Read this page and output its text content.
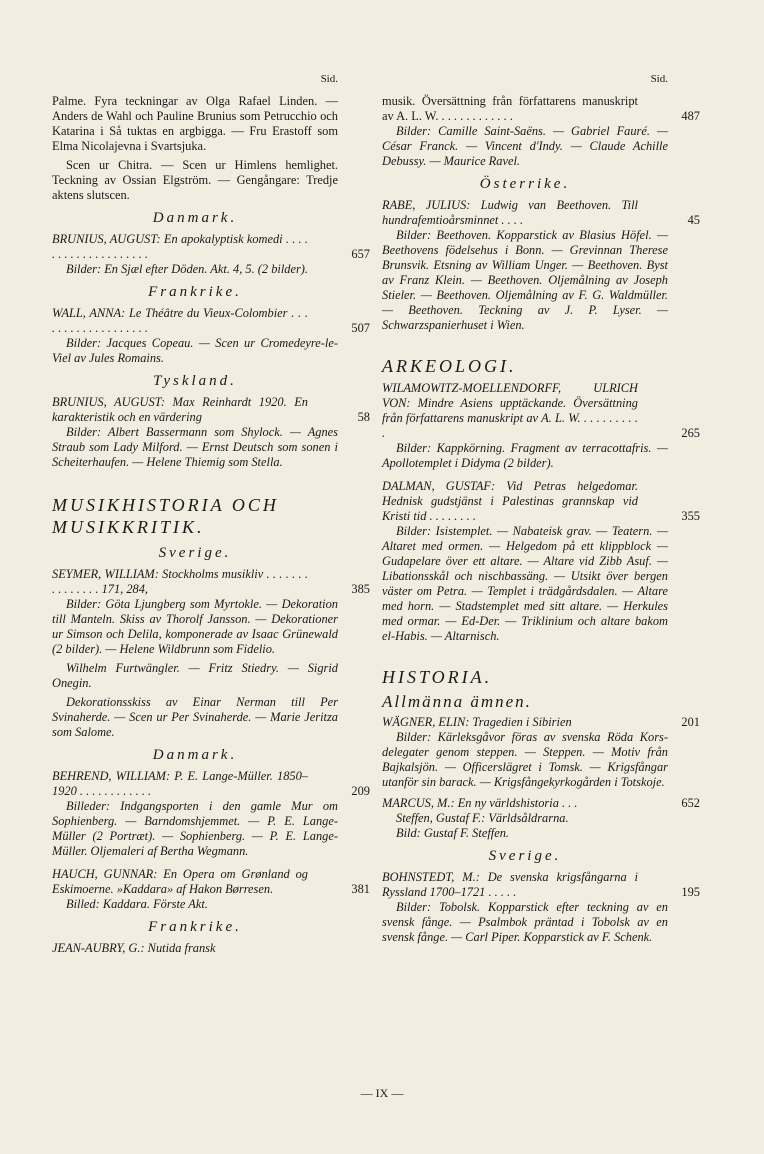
Sid.

Palme. Fyra teckningar av Olga Rafael Linden. — Anders de Wahl och Pauline Brunius som Petrucchio och Katarina i Så tuktas en argbigga. — Fru Erastoff som Elma Nicolajevna i Svartsjuka.

Scen ur Chitra. — Scen ur Himlens hemlighet. Teckning av Ossian Elgström. — Gengångare: Tredje aktens slutscen.

Danmark.
BRUNIUS, AUGUST: En apokalyptisk komedi . . . . . . . . . . . . . . . . . . . .	657
Bilder: En Sjæl efter Döden. Akt. 4, 5. (2 bilder).
Frankrike.
WALL, ANNA: Le Théâtre du Vieux-Colombier . . . . . . . . . . . . . . . . . . .	507
Bilder: Jacques Copeau. — Scen ur Cromedeyre-le-Viel av Jules Romains.
Tyskland.
BRUNIUS, AUGUST: Max Reinhardt 1920. En karakteristik och en värdering	58
Bilder: Albert Bassermann som Shylock. — Agnes Straub som Lady Milford. — Ernst Deutsch som sonen i Scheiterhaufen. — Helene Thiemig som Stella.
MUSIKHISTORIA OCH MUSIKKRITIK.
Sverige.
SEYMER, WILLIAM: Stockholms musikliv . . . . . . . . . . . . . . . 171, 284,	385
Bilder: Göta Ljungberg som Myrtokle. — Dekoration till Manteln. Skiss av Thorolf Jansson. — Dekorationer ur Simson och Delila, komponerade av Isaac Grünewald (2 bilder). — Helene Wildbrunn som Fidelio.
Wilhelm Furtwängler. — Fritz Stiedry. — Sigrid Onegin.
Dekorationsskiss av Einar Nerman till Per Svinaherde. — Scen ur Per Svinaherde. — Marie Jeritza som Salome.
Danmark.
BEHREND, WILLIAM: P. E. Lange-Müller. 1850–1920 . . . . . . . . . . . .	209
Billeder: Indgangsporten i den gamle Mur om Sophienberg. — Barndomshjemmet. — P. E. Lange-Müller (2 Portræt). — Sophienberg. — P. E. Lange-Müller. Oljemaleri af Bertha Wegmann.
HAUCH, GUNNAR: En Opera om Grønland og Eskimoerne. »Kaddara» af Hakon Børresen.	381
Billed: Kaddara. Förste Akt.
Frankrike.
JEAN-AUBRY, G.: Nutida fransk
Sid.
musik. Översättning från författarens manuskript av A. L. W. . . . . . . . . . . . .	487
Bilder: Camille Saint-Saëns. — Gabriel Fauré. — César Franck. — Vincent d'Indy. — Claude Achille Debussy. — Maurice Ravel.
Österrike.
RABE, JULIUS: Ludwig van Beethoven. Till hundrafemtioårsminnet . . . .	45
Bilder: Beethoven. Kopparstick av Blasius Höfel. — Beethovens födelsehus i Bonn. — Grevinnan Therese Brunsvik. Etsning av William Unger. — Beethoven. Byst av Franz Klein. — Beethoven. Oljemålning av Joseph Stieler. — Beethoven. Oljemålning av F. G. Waldmüller. — Beethoven. Teckning av J. P. Lyser. — Schwarzspanierhuset i Wien.
ARKEOLOGI.
WILAMOWITZ-MOELLENDORFF, ULRICH VON: Mindre Asiens upptäckande. Översättning från författarens manuskript av A. L. W. . . . . . . . . . .	265
Bilder: Kappkörning. Fragment av terracottafris. — Apollotemplet i Didyma (2 bilder).
DALMAN, GUSTAF: Vid Petras helgedomar. Hednisk gudstjänst i Palestinas grannskap vid Kristi tid . . . . . . . .	355
Bilder: Isistemplet. — Nabateisk grav. — Teatern. — Altaret med ormen. — Helgedom på ett klippblock — Gudapelare över ett altare. — Altare vid Zibb Asuf. — Libationsskål och nischbassäng. — Utsikt över bergen väster om Petra. — Templet i trädgårdsdalen. — Altare med horn. — Stadstemplet med sitt altare. — Herkules med ormar. — Ed-Der. — Triklinium och altare bakom el-Habis. — Altarnisch.
HISTORIA.
Allmänna ämnen.
WÄGNER, ELIN: Tragedien i Sibirien	201
Bilder: Kärleksgåvor föras av svenska Röda Kors-delegater genom steppen. — Steppen. — Motiv från Bajkalsjön. — Officerslägret i Tomsk. — Krigsfångar utanför sin barack. — Krigsfångekyrkogården i Totskoje.
MARCUS, M.: En ny världshistoria . . .	652
Steffen, Gustaf F.: Världsåldrarna.
Bild: Gustaf F. Steffen.
Sverige.
BOHNSTEDT, M.: De svenska krigsfångarna i Ryssland 1700–1721 . . . . .	195
Bilder: Tobolsk. Kopparstick efter teckning av en svensk fånge. — Psalmbok präntad i Tobolsk av en svensk fånge. — Carl Piper. Kopparstick av F. Schenk.
— IX —
